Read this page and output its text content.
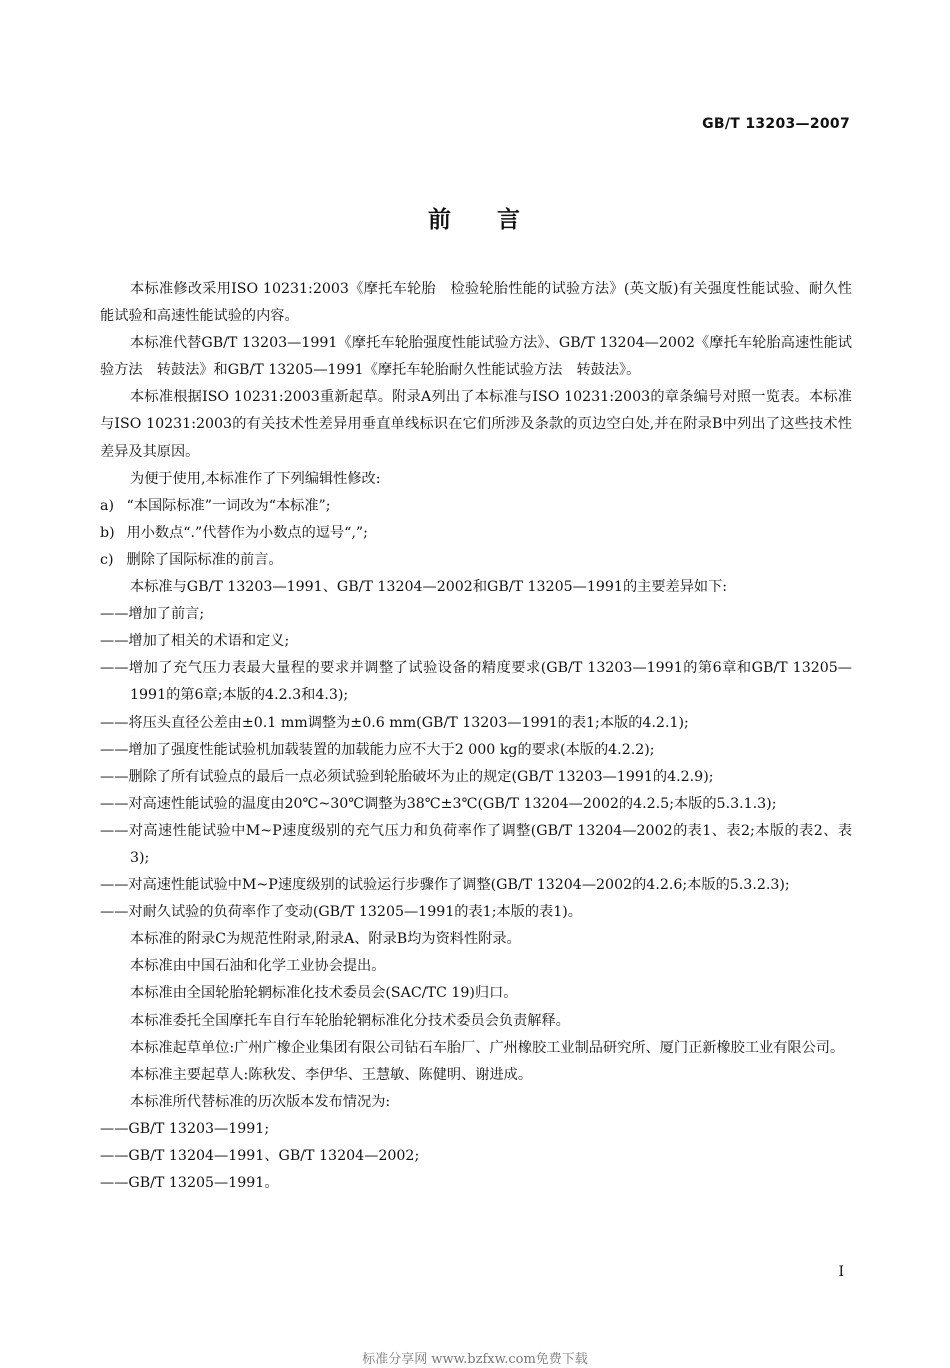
GB/T 13203—2007
前 言

本标准修改采用ISO 10231:2003《摩托车轮胎　检验轮胎性能的试验方法》(英文版)有关强度性能试验、耐久性能试验和高速性能试验的内容。

本标准代替GB/T 13203—1991《摩托车轮胎强度性能试验方法》、GB/T 13204—2002《摩托车轮胎高速性能试验方法　转鼓法》和GB/T 13205—1991《摩托车轮胎耐久性能试验方法　转鼓法》。

本标准根据ISO 10231:2003重新起草。附录A列出了本标准与ISO 10231:2003的章条编号对照一览表。本标准与ISO 10231:2003的有关技术性差异用垂直单线标识在它们所涉及条款的页边空白处,并在附录B中列出了这些技术性差异及其原因。

为便于使用,本标准作了下列编辑性修改:

a) “本国际标准”一词改为“本标准”;

b) 用小数点“.”代替作为小数点的逗号“,”;

c) 删除了国际标准的前言。

本标准与GB/T 13203—1991、GB/T 13204—2002和GB/T 13205—1991的主要差异如下:

——增加了前言;

——增加了相关的术语和定义;

——增加了充气压力表最大量程的要求并调整了试验设备的精度要求(GB/T 13203—1991的第6章和GB/T 13205—1991的第6章;本版的4.2.3和4.3);

——将压头直径公差由±0.1 mm调整为±0.6 mm(GB/T 13203—1991的表1;本版的4.2.1);

——增加了强度性能试验机加载装置的加载能力应不大于2 000 kg的要求(本版的4.2.2);

——删除了所有试验点的最后一点必须试验到轮胎破坏为止的规定(GB/T 13203—1991的4.2.9);

——对高速性能试验的温度由20℃~30℃调整为38℃±3℃(GB/T 13204—2002的4.2.5;本版的5.3.1.3);

——对高速性能试验中M~P速度级别的充气压力和负荷率作了调整(GB/T 13204—2002的表1、表2;本版的表2、表3);

——对高速性能试验中M~P速度级别的试验运行步骤作了调整(GB/T 13204—2002的4.2.6;本版的5.3.2.3);

——对耐久试验的负荷率作了变动(GB/T 13205—1991的表1;本版的表1)。

本标准的附录C为规范性附录,附录A、附录B均为资料性附录。

本标准由中国石油和化学工业协会提出。

本标准由全国轮胎轮辋标准化技术委员会(SAC/TC 19)归口。

本标准委托全国摩托车自行车轮胎轮辋标准化分技术委员会负责解释。

本标准起草单位:广州广橡企业集团有限公司钻石车胎厂、广州橡胶工业制品研究所、厦门正新橡胶工业有限公司。

本标准主要起草人:陈秋发、李伊华、王慧敏、陈健明、谢进成。

本标准所代替标准的历次版本发布情况为:

——GB/T 13203—1991;

——GB/T 13204—1991、GB/T 13204—2002;

——GB/T 13205—1991。

I
标准分享网 www.bzfxw.com免费下载
